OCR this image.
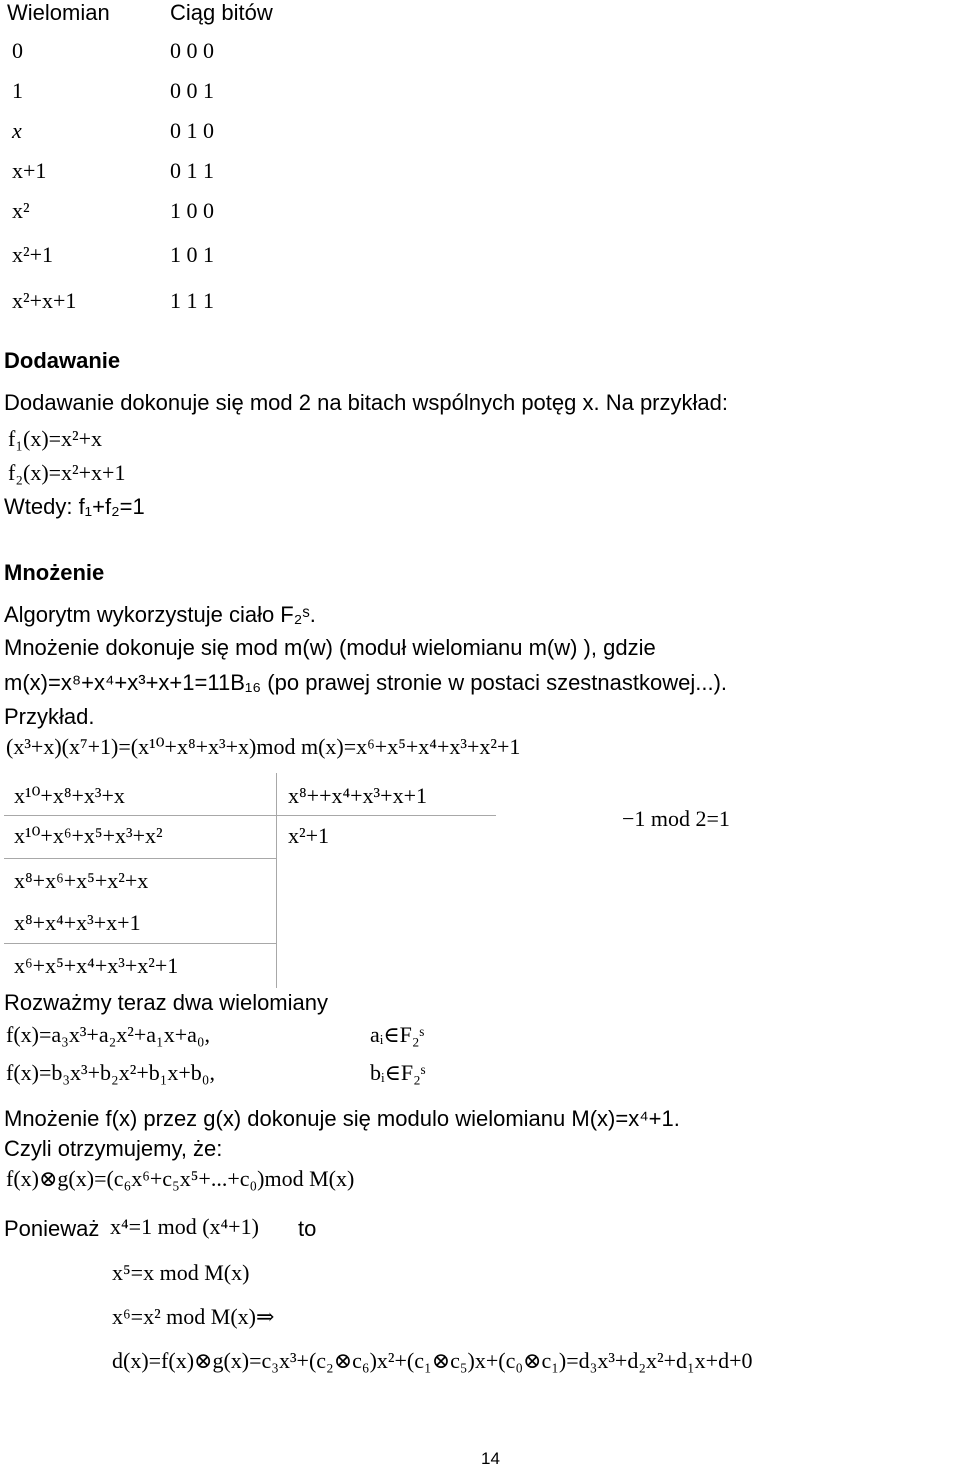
Wielomian	Ciąg bitów
0	0 0 0
1	0 0 1
x	0 1 0
x+1	0 1 1
x²	1 0 0
x²+1	1 0 1
x²+x+1	1 1 1
Dodawanie
Dodawanie dokonuje się mod 2 na bitach wspólnych potęg x. Na przykład:
f₁(x)=x²+x
f₂(x)=x²+x+1
Wtedy: f₁+f₂=1
Mnożenie
Algorytm wykorzystuje ciało F₂ˢ.
Mnożenie dokonuje się mod m(w) (moduł wielomianu m(w) ), gdzie
m(x)=x⁸+x⁴+x³+x+1=11B₁₆ (po prawej stronie w postaci szestnastkowej...).
Przykład.
(x³+x)(x⁷+1)=(x¹⁰+x⁸+x³+x)mod m(x)=x⁶+x⁵+x⁴+x³+x²+1
x¹⁰+x⁸+x³+x	x⁸++x⁴+x³+x+1
−1 mod 2=1
x¹⁰+x⁶+x⁵+x³+x²	x²+1
x⁸+x⁶+x⁵+x²+x
x⁸+x⁴+x³+x+1
x⁶+x⁵+x⁴+x³+x²+1
Rozważmy teraz dwa wielomiany
f(x)=a₃x³+a₂x²+a₁x+a₀,	aᵢ∈F₂ˢ
f(x)=b₃x³+b₂x²+b₁x+b₀,	bᵢ∈F₂ˢ
Mnożenie f(x) przez g(x) dokonuje się modulo wielomianu M(x)=x⁴+1.
Czyli otrzymujemy, że:
f(x)⊗g(x)=(c₆x⁶+c₅x⁵+...+c₀)mod M(x)
Ponieważ x⁴=1 mod (x⁴+1) to
x⁵=x mod M(x)
x⁶=x² mod M(x)⇒
d(x)=f(x)⊗g(x)=c₃x³+(c₂⊗c₆)x²+(c₁⊗c₅)x+(c₀⊗c₁)=d₃x³+d₂x²+d₁x+d+0
14
